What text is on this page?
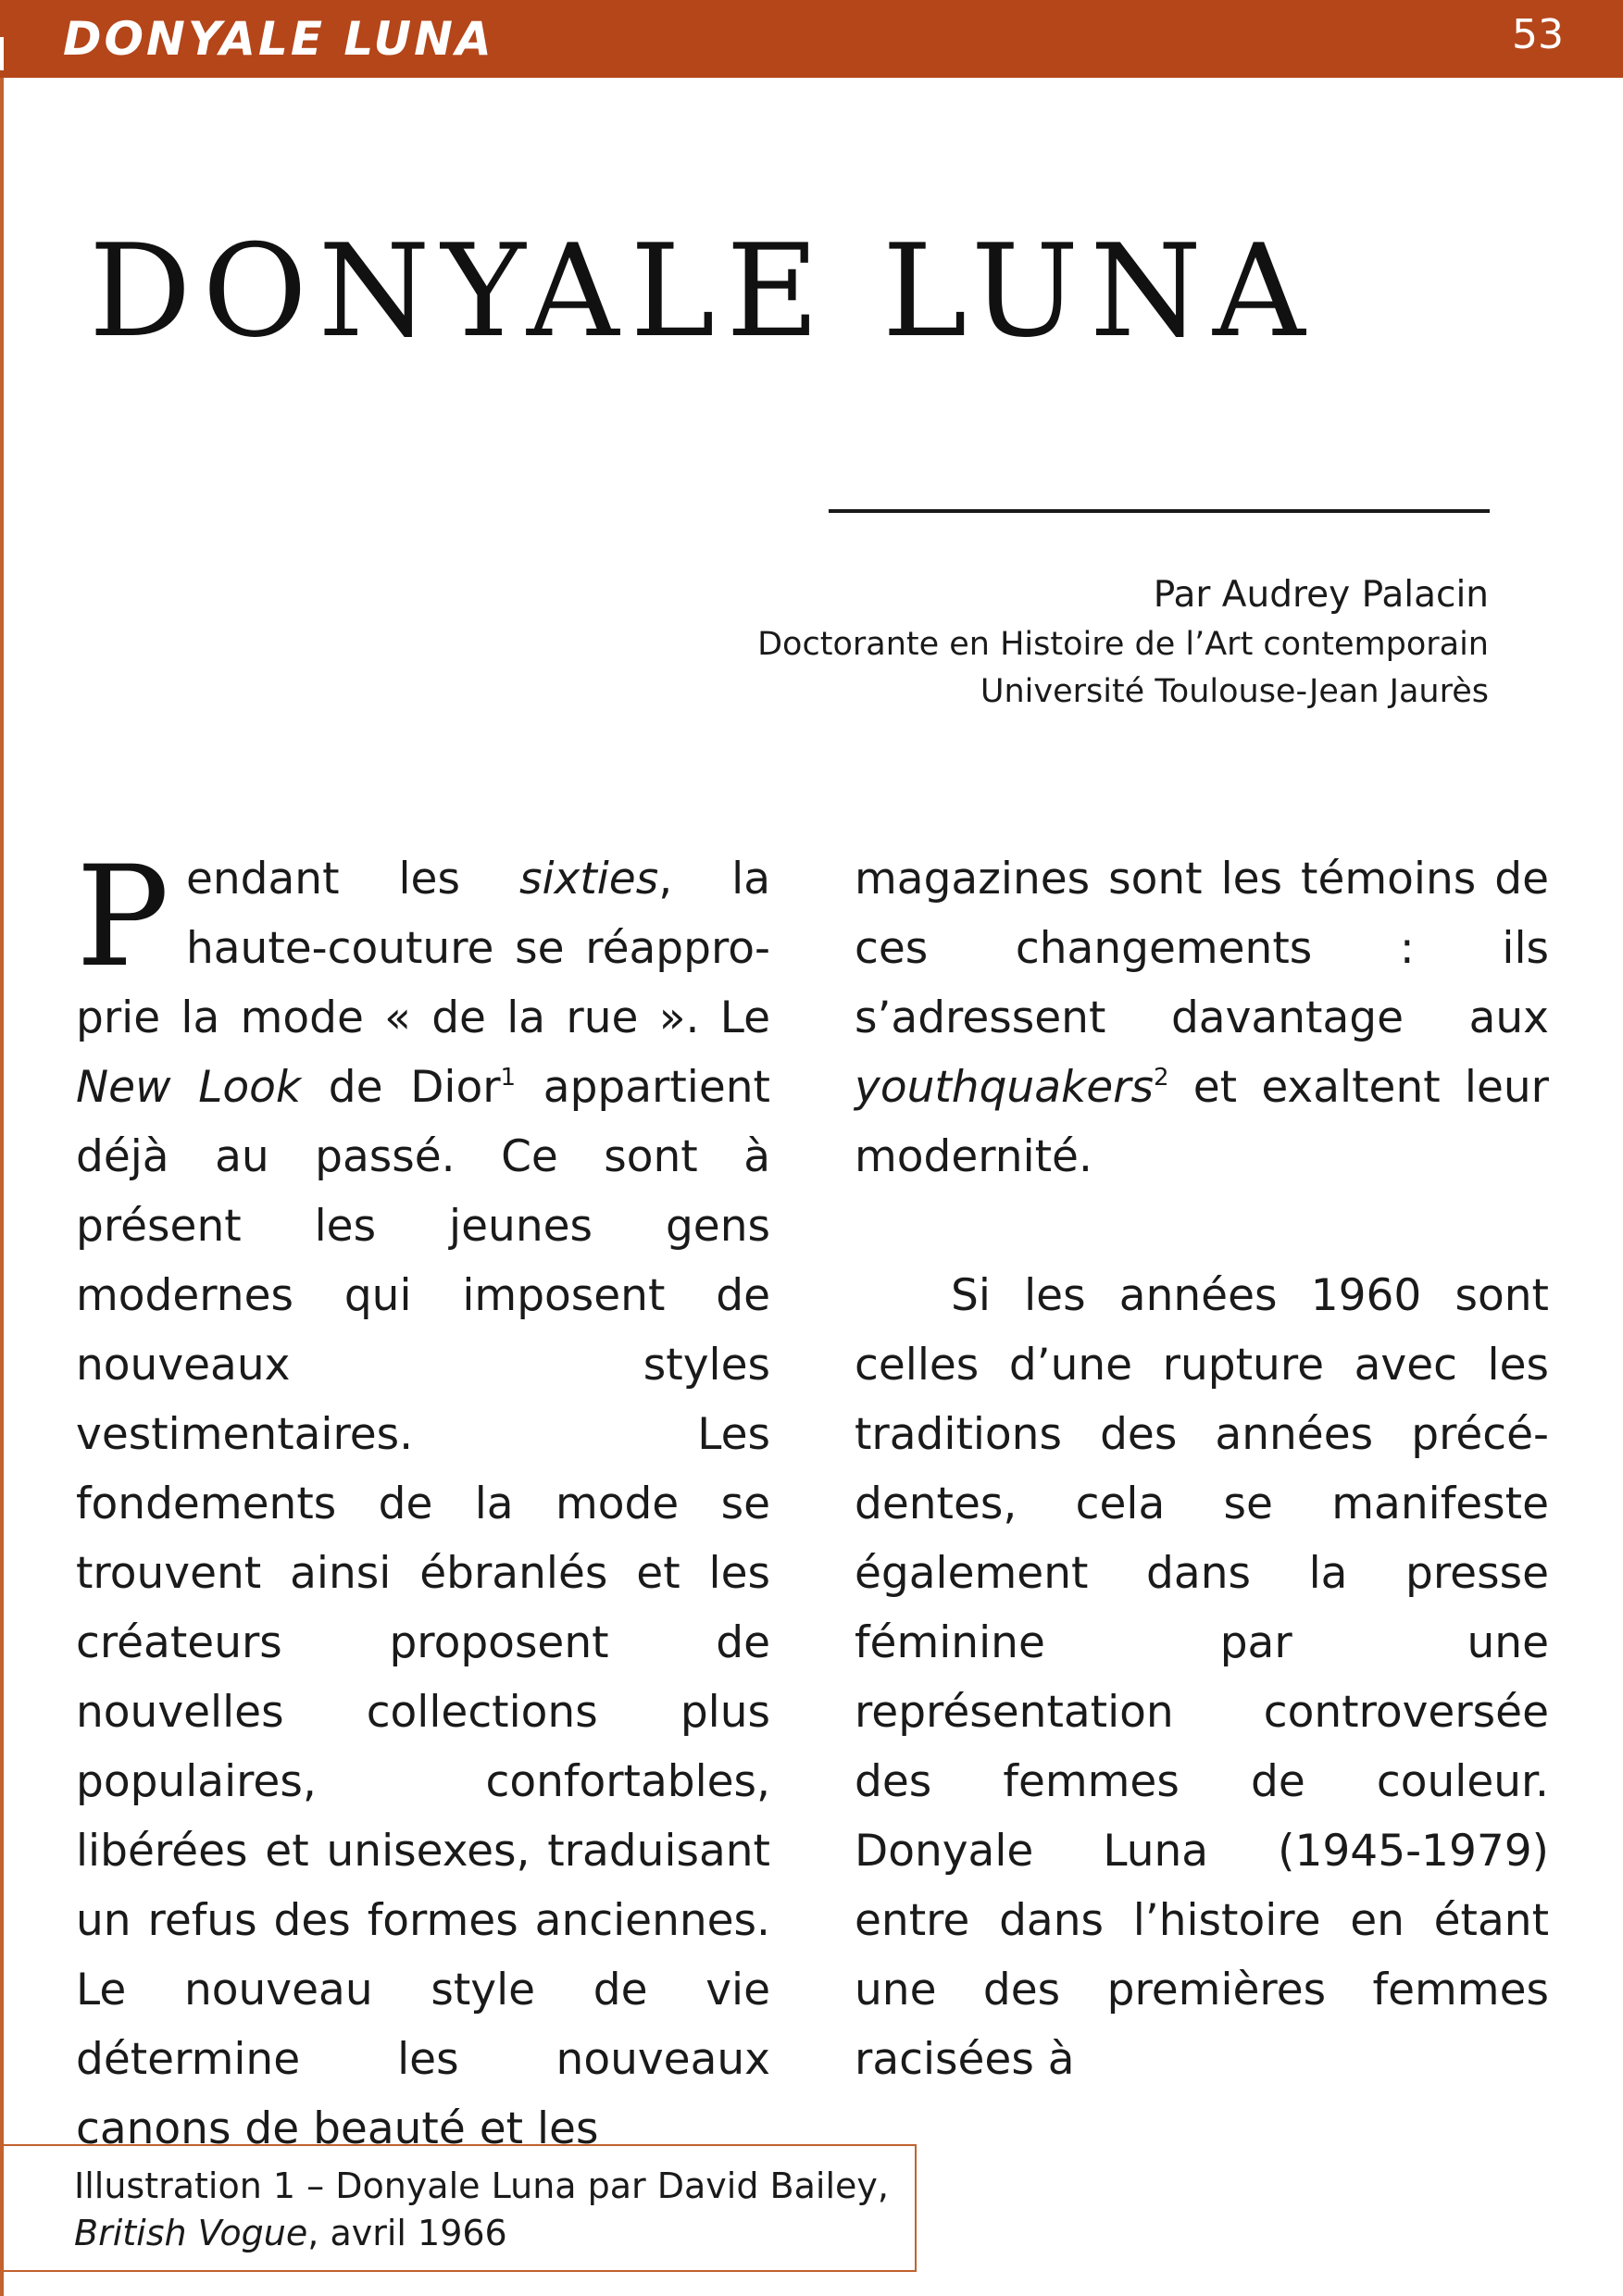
DONYALE LUNA	53
DONYALE LUNA
Par Audrey Palacin
Doctorante en Histoire de l’Art contemporain
Université Toulouse-Jean Jaurès

Pendant les sixties, la haute-couture se réapproprie la mode « de la rue ». Le New Look de Dior$^1$ appartient déjà au passé. Ce sont à présent les jeunes gens modernes qui imposent de nouveaux styles vestimentaires. Les fondements de la mode se trouvent ainsi ébranlés et les créateurs proposent de nouvelles collections plus populaires, confortables, libérées et unisexes, traduisant un refus des formes anciennes. Le nouveau style de vie détermine les nouveaux canons de beauté et les

magazines sont les témoins de ces changements : ils s’adressent davantage aux youthquakers$^2$ et exaltent leur modernité.

Si les années 1960 sont celles d’une rupture avec les traditions des années précédentes, cela se manifeste également dans la presse féminine par une représentation controversée des femmes de couleur. Donyale Luna (1945-1979) entre dans l’histoire en étant une des premières femmes racisées à

Illustration 1 – Donyale Luna par David Bailey,
British Vogue, avril 1966
